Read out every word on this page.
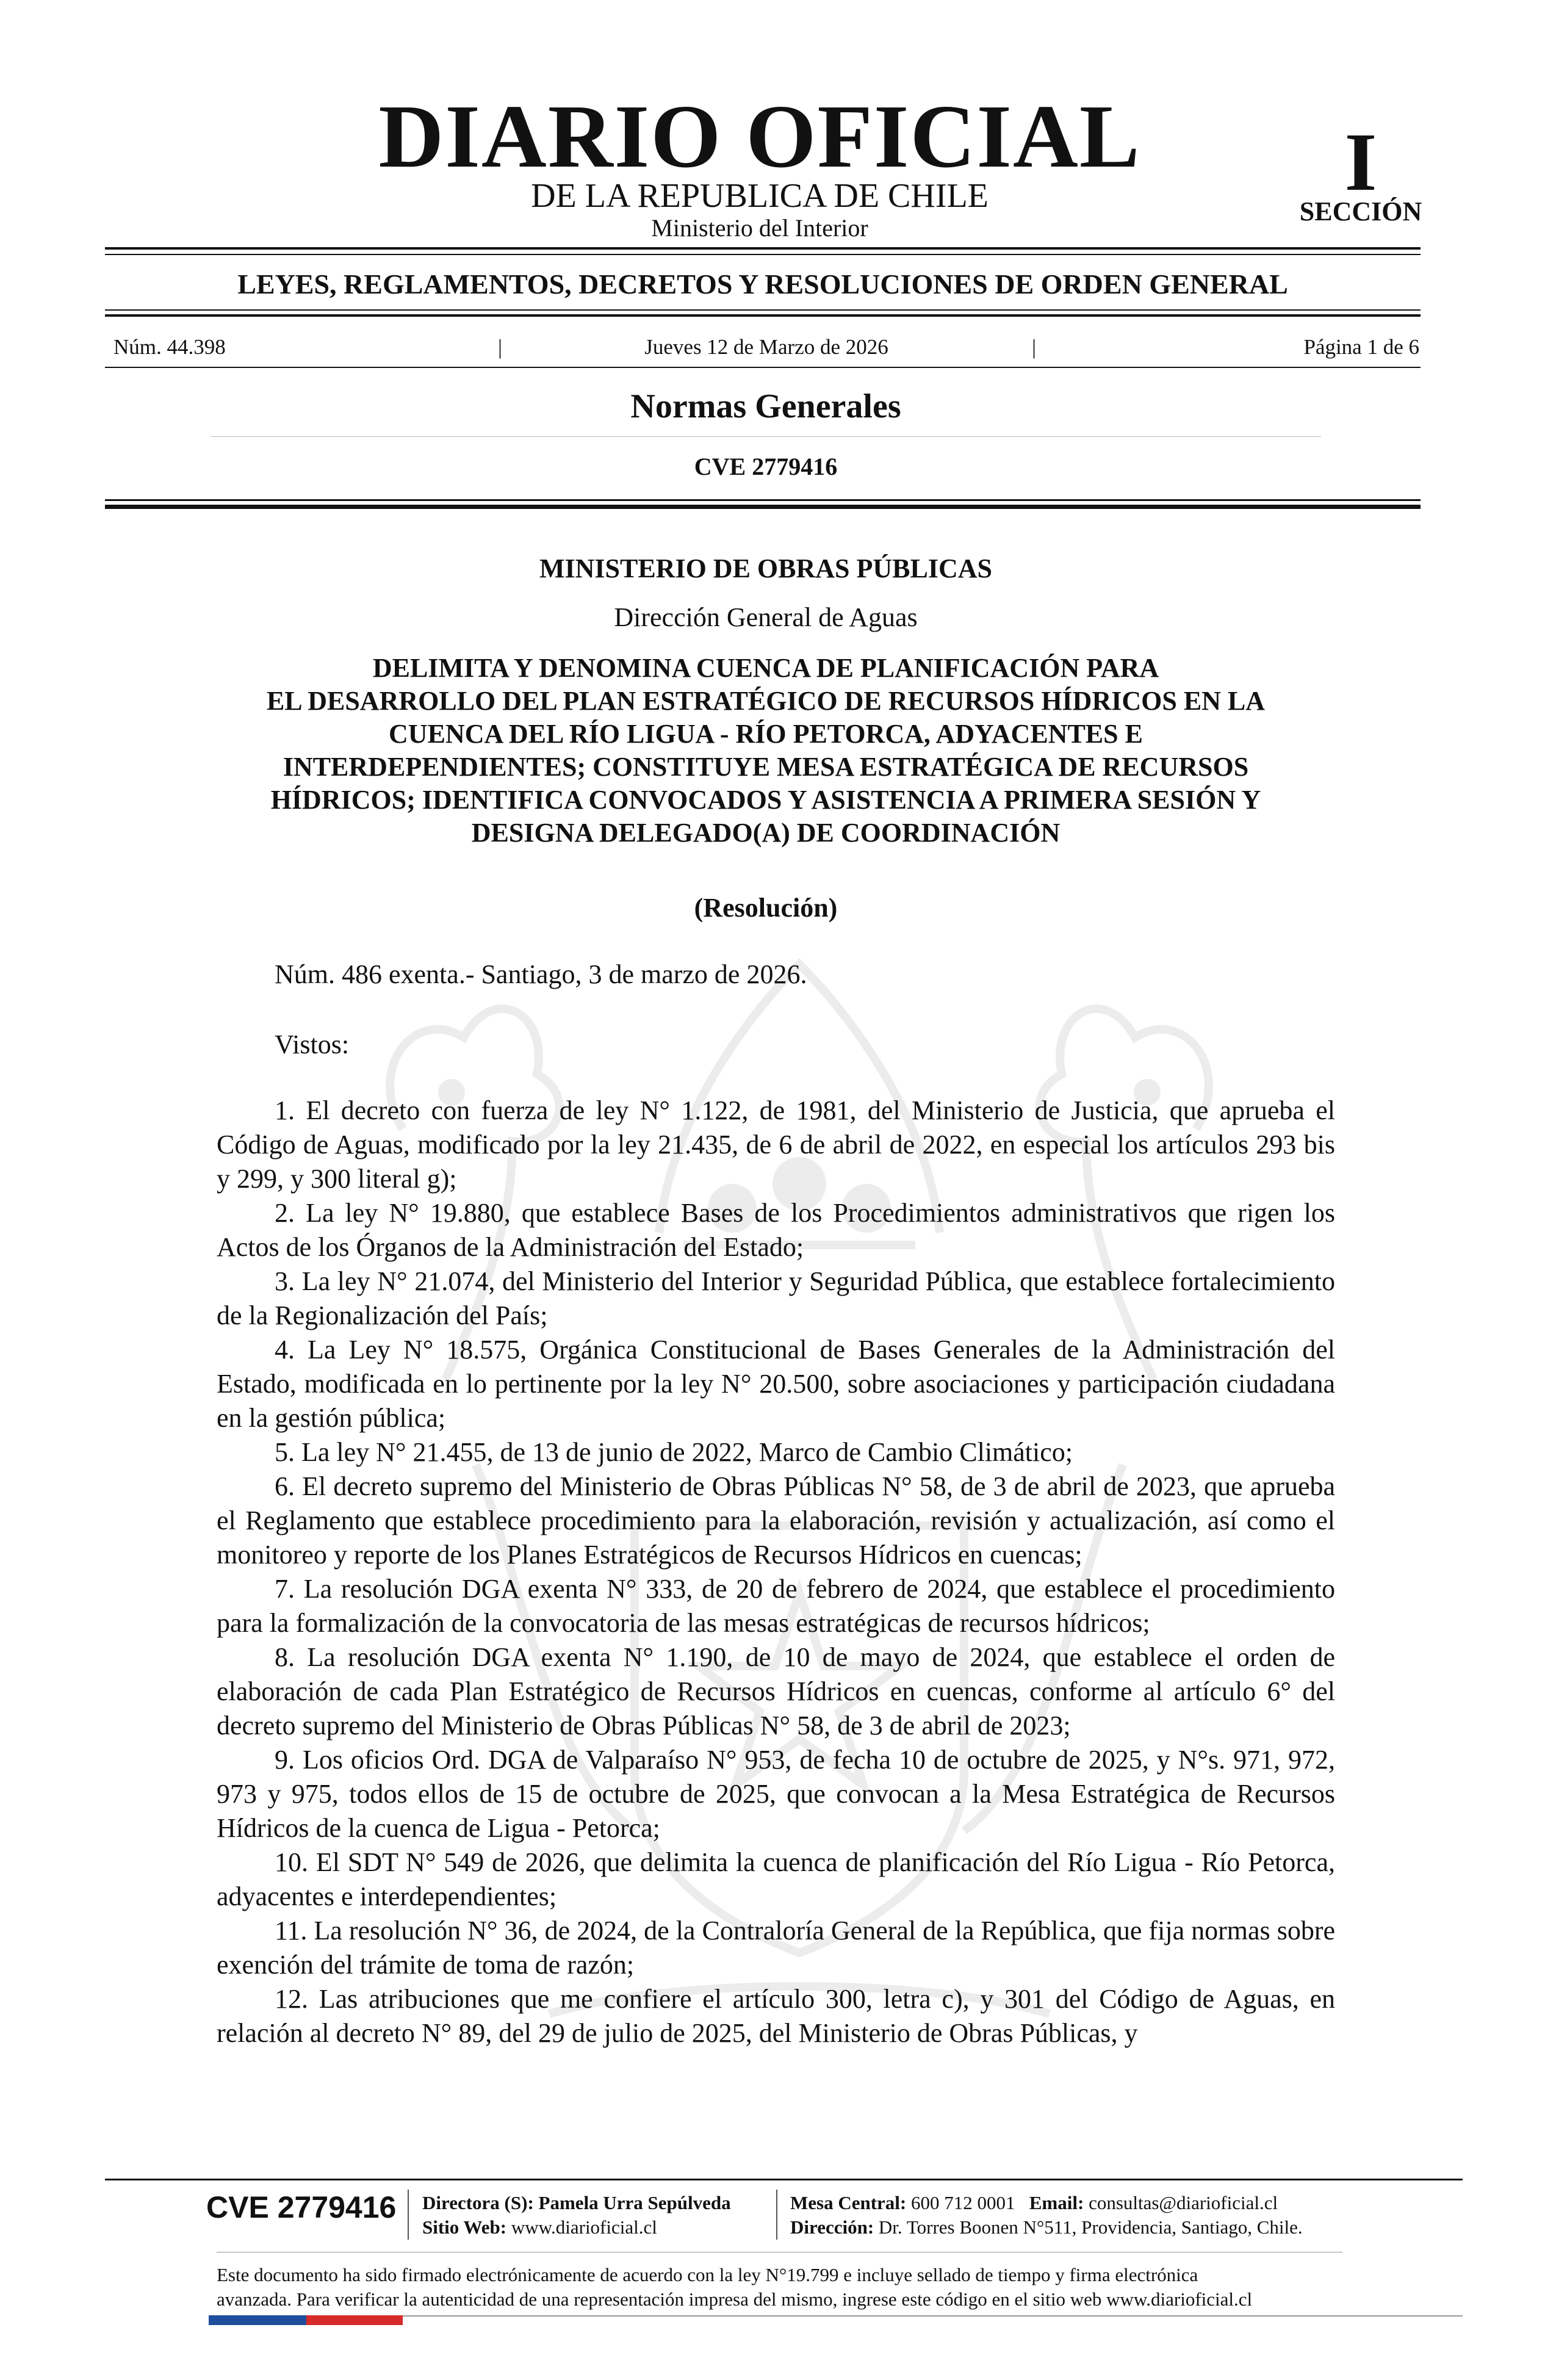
DIARIO OFICIAL
DE LA REPUBLICA DE CHILE
Ministerio del Interior
I
SECCIÓN
LEYES, REGLAMENTOS, DECRETOS Y RESOLUCIONES DE ORDEN GENERAL
Núm. 44.398	|	Jueves 12 de Marzo de 2026	|	Página 1 de 6
Normas Generales
CVE 2779416
MINISTERIO DE OBRAS PÚBLICAS
Dirección General de Aguas
DELIMITA Y DENOMINA CUENCA DE PLANIFICACIÓN PARA
EL DESARROLLO DEL PLAN ESTRATÉGICO DE RECURSOS HÍDRICOS EN LA
CUENCA DEL RÍO LIGUA - RÍO PETORCA, ADYACENTES E
INTERDEPENDIENTES; CONSTITUYE MESA ESTRATÉGICA DE RECURSOS
HÍDRICOS; IDENTIFICA CONVOCADOS Y ASISTENCIA A PRIMERA SESIÓN Y
DESIGNA DELEGADO(A) DE COORDINACIÓN
(Resolución)
Núm. 486 exenta.- Santiago, 3 de marzo de 2026.
Vistos:

1. El decreto con fuerza de ley N° 1.122, de 1981, del Ministerio de Justicia, que aprueba el Código de Aguas, modificado por la ley 21.435, de 6 de abril de 2022, en especial los artículos 293 bis y 299, y 300 literal g);

2. La ley N° 19.880, que establece Bases de los Procedimientos administrativos que rigen los Actos de los Órganos de la Administración del Estado;

3. La ley N° 21.074, del Ministerio del Interior y Seguridad Pública, que establece fortalecimiento de la Regionalización del País;

4. La Ley N° 18.575, Orgánica Constitucional de Bases Generales de la Administración del Estado, modificada en lo pertinente por la ley N° 20.500, sobre asociaciones y participación ciudadana en la gestión pública;

5. La ley N° 21.455, de 13 de junio de 2022, Marco de Cambio Climático;

6. El decreto supremo del Ministerio de Obras Públicas N° 58, de 3 de abril de 2023, que aprueba el Reglamento que establece procedimiento para la elaboración, revisión y actualización, así como el monitoreo y reporte de los Planes Estratégicos de Recursos Hídricos en cuencas;

7. La resolución DGA exenta N° 333, de 20 de febrero de 2024, que establece el procedimiento para la formalización de la convocatoria de las mesas estratégicas de recursos hídricos;

8. La resolución DGA exenta N° 1.190, de 10 de mayo de 2024, que establece el orden de elaboración de cada Plan Estratégico de Recursos Hídricos en cuencas, conforme al artículo 6° del decreto supremo del Ministerio de Obras Públicas N° 58, de 3 de abril de 2023;

9. Los oficios Ord. DGA de Valparaíso N° 953, de fecha 10 de octubre de 2025, y N°s. 971, 972, 973 y 975, todos ellos de 15 de octubre de 2025, que convocan a la Mesa Estratégica de Recursos Hídricos de la cuenca de Ligua - Petorca;

10. El SDT N° 549 de 2026, que delimita la cuenca de planificación del Río Ligua - Río Petorca, adyacentes e interdependientes;

11. La resolución N° 36, de 2024, de la Contraloría General de la República, que fija normas sobre exención del trámite de toma de razón;

12. Las atribuciones que me confiere el artículo 300, letra c), y 301 del Código de Aguas, en relación al decreto N° 89, del 29 de julio de 2025, del Ministerio de Obras Públicas, y

CVE 2779416 Directora (S): Pamela Urra Sepúlveda
Sitio Web: www.diarioficial.cl
Mesa Central: 600 712 0001 Email: consultas@diarioficial.cl
Dirección: Dr. Torres Boonen N°511, Providencia, Santiago, Chile.
Este documento ha sido firmado electrónicamente de acuerdo con la ley N°19.799 e incluye sellado de tiempo y firma electrónica
avanzada. Para verificar la autenticidad de una representación impresa del mismo, ingrese este código en el sitio web www.diarioficial.cl
